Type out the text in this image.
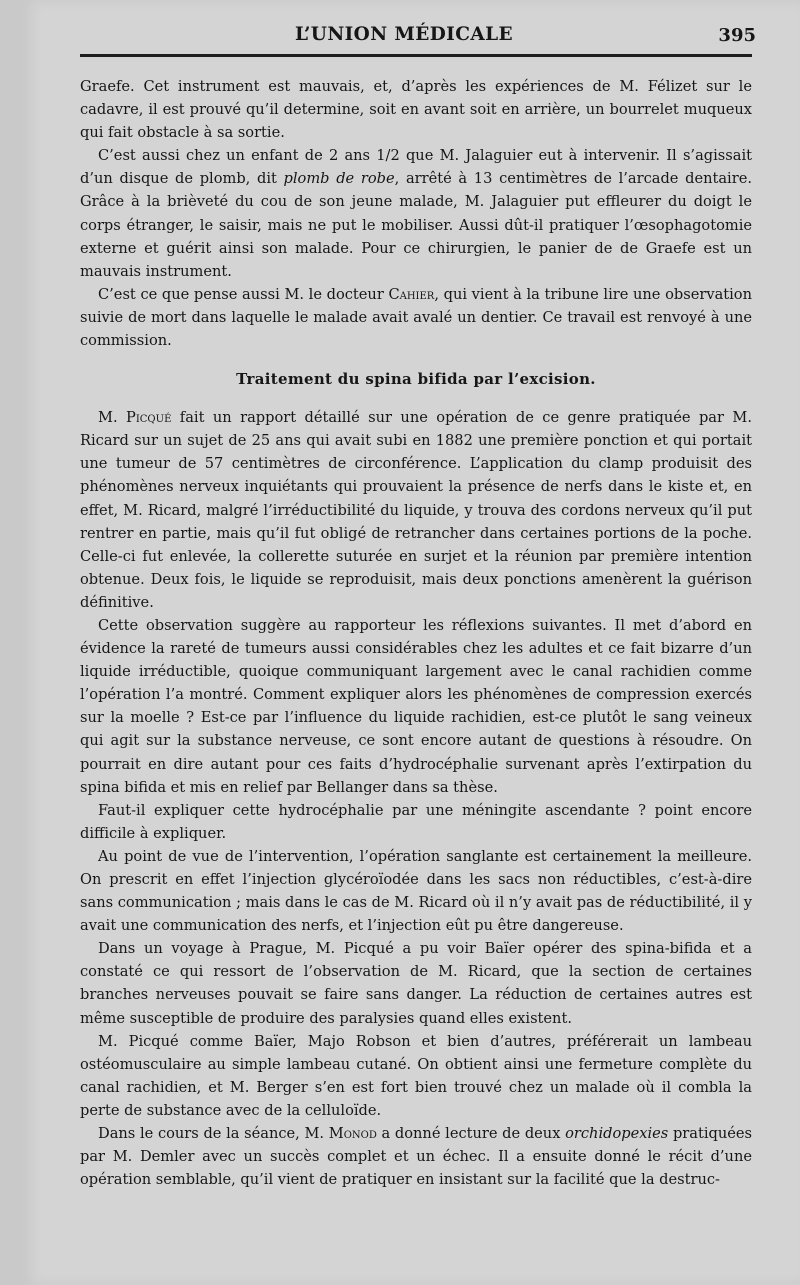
L’UNION MÉDICALE	395

Graefe. Cet instrument est mauvais, et, d’après les expériences de M. Félizet sur le cadavre, il est prouvé qu’il determine, soit en avant soit en arrière, un bourrelet muqueux qui fait obstacle à sa sortie.

C’est aussi chez un enfant de 2 ans 1/2 que M. Jalaguier eut à intervenir. Il s’agissait d’un disque de plomb, dit plomb de robe, arrêté à 13 centimètres de l’arcade dentaire. Grâce à la brièveté du cou de son jeune malade, M. Jalaguier put effleurer du doigt le corps étranger, le saisir, mais ne put le mobiliser. Aussi dût-il pratiquer l’œsophagotomie externe et guérit ainsi son malade. Pour ce chirurgien, le panier de de Graefe est un mauvais instrument.

C’est ce que pense aussi M. le docteur Cahier, qui vient à la tribune lire une observation suivie de mort dans laquelle le malade avait avalé un dentier. Ce travail est renvoyé à une commission.

Traitement du spina bifida par l’excision.

M. Picqué fait un rapport détaillé sur une opération de ce genre pratiquée par M. Ricard sur un sujet de 25 ans qui avait subi en 1882 une première ponction et qui portait une tumeur de 57 centimètres de circonférence. L’application du clamp produisit des phénomènes nerveux inquiétants qui prouvaient la présence de nerfs dans le kiste et, en effet, M. Ricard, malgré l’irréductibilité du liquide, y trouva des cordons nerveux qu’il put rentrer en partie, mais qu’il fut obligé de retrancher dans certaines portions de la poche. Celle-ci fut enlevée, la collerette suturée en surjet et la réunion par première intention obtenue. Deux fois, le liquide se reproduisit, mais deux ponctions amenèrent la guérison définitive.

Cette observation suggère au rapporteur les réflexions suivantes. Il met d’abord en évidence la rareté de tumeurs aussi considérables chez les adultes et ce fait bizarre d’un liquide irréductible, quoique communiquant largement avec le canal rachidien comme l’opération l’a montré. Comment expliquer alors les phénomènes de compression exercés sur la moelle ? Est-ce par l’influence du liquide rachidien, est-ce plutôt le sang veineux qui agit sur la substance nerveuse, ce sont encore autant de questions à résoudre. On pourrait en dire autant pour ces faits d’hydrocéphalie survenant après l’extirpation du spina bifida et mis en relief par Bellanger dans sa thèse.

Faut-il expliquer cette hydrocéphalie par une méningite ascendante ? point encore difficile à expliquer.

Au point de vue de l’intervention, l’opération sanglante est certainement la meilleure. On prescrit en effet l’injection glycéroïodée dans les sacs non réductibles, c’est-à-dire sans communication ; mais dans le cas de M. Ricard où il n’y avait pas de réductibilité, il y avait une communication des nerfs, et l’injection eût pu être dangereuse.

Dans un voyage à Prague, M. Picqué a pu voir Baïer opérer des spina-bifida et a constaté ce qui ressort de l’observation de M. Ricard, que la section de certaines branches nerveuses pouvait se faire sans danger. La réduction de certaines autres est même susceptible de produire des paralysies quand elles existent.

M. Picqué comme Baïer, Majo Robson et bien d’autres, préférerait un lambeau ostéomusculaire au simple lambeau cutané. On obtient ainsi une fermeture complète du canal rachidien, et M. Berger s’en est fort bien trouvé chez un malade où il combla la perte de substance avec de la celluloïde.

Dans le cours de la séance, M. Monod a donné lecture de deux orchidopexies pratiquées par M. Demler avec un succès complet et un échec. Il a ensuite donné le récit d’une opération semblable, qu’il vient de pratiquer en insistant sur la facilité que la destruc-
